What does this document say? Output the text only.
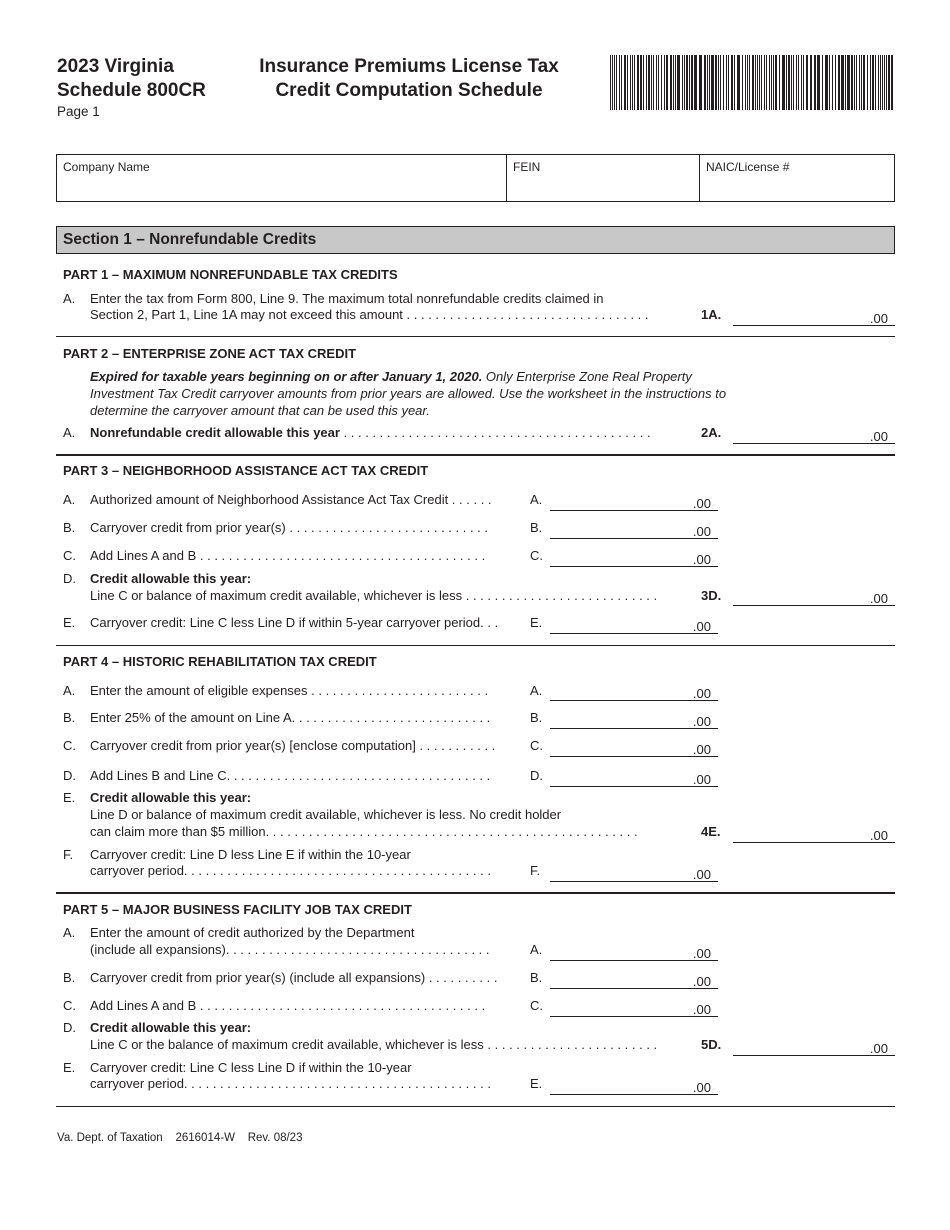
2023 Virginia
Schedule 800CR
Page 1
Insurance Premiums License Tax
Credit Computation Schedule
Company Name	FEIN	NAIC/License #
Section 1 – Nonrefundable Credits
PART 1 – MAXIMUM NONREFUNDABLE TAX CREDITS
A. Enter the tax from Form 800, Line 9. The maximum total nonrefundable credits claimed in
Section 2, Part 1, Line 1A may not exceed this amount . . . . . . . . . . . . . . . . . . . . . . . . . . . . . . . . . .	1A.	.00
PART 2 – ENTERPRISE ZONE ACT TAX CREDIT
Expired for taxable years beginning on or after January 1, 2020. Only Enterprise Zone Real Property Investment Tax Credit carryover amounts from prior years are allowed. Use the worksheet in the instructions to determine the carryover amount that can be used this year.
A. Nonrefundable credit allowable this year . . . . . . . . . . . . . . . . . . . . . . . . . . . . . . . . . . . . . . . . . . .	2A.	.00
PART 3 – NEIGHBORHOOD ASSISTANCE ACT TAX CREDIT
A. Authorized amount of Neighborhood Assistance Act Tax Credit . . . . . .	A.	.00
B. Carryover credit from prior year(s) . . . . . . . . . . . . . . . . . . . . . . . . . . . .	B.	.00
C. Add Lines A and B . . . . . . . . . . . . . . . . . . . . . . . . . . . . . . . . . . . . . . . .	C.	.00
D. Credit allowable this year:
Line C or balance of maximum credit available, whichever is less . . . . . . . . . . . . . . . . . . . . . . . . . . .	3D.	.00
E. Carryover credit: Line C less Line D if within 5-year carryover period. . . E.	.00
PART 4 – HISTORIC REHABILITATION TAX CREDIT
A. Enter the amount of eligible expenses . . . . . . . . . . . . . . . . . . . . . . . . .	A.	.00
B. Enter 25% of the amount on Line A. . . . . . . . . . . . . . . . . . . . . . . . . . . .	B.	.00
C. Carryover credit from prior year(s) [enclose computation] . . . . . . . . . . .	C.	.00
D. Add Lines B and Line C. . . . . . . . . . . . . . . . . . . . . . . . . . . . . . . . . . . . .	D.	.00
E. Credit allowable this year:
Line D or balance of maximum credit available, whichever is less. No credit holder
can claim more than $5 million. . . . . . . . . . . . . . . . . . . . . . . . . . . . . . . . . . . . . . . . . . . . . . . . . . . .	4E.	.00
F. Carryover credit: Line D less Line E if within the 10-year
carryover period. . . . . . . . . . . . . . . . . . . . . . . . . . . . . . . . . . . . . . . . . . .	F.	.00
PART 5 – MAJOR BUSINESS FACILITY JOB TAX CREDIT
A. Enter the amount of credit authorized by the Department
(include all expansions). . . . . . . . . . . . . . . . . . . . . . . . . . . . . . . . . . . . .	A.	.00
B. Carryover credit from prior year(s) (include all expansions) . . . . . . . . . .	B.	.00
C. Add Lines A and B . . . . . . . . . . . . . . . . . . . . . . . . . . . . . . . . . . . . . . . .	C.	.00
D. Credit allowable this year:
Line C or the balance of maximum credit available, whichever is less . . . . . . . . . . . . . . . . . . . . . . . .	5D.	.00
E. Carryover credit: Line C less Line D if within the 10-year
carryover period. . . . . . . . . . . . . . . . . . . . . . . . . . . . . . . . . . . . . . . . . . .	E.	.00
Va. Dept. of Taxation    2616014-W    Rev. 08/23
